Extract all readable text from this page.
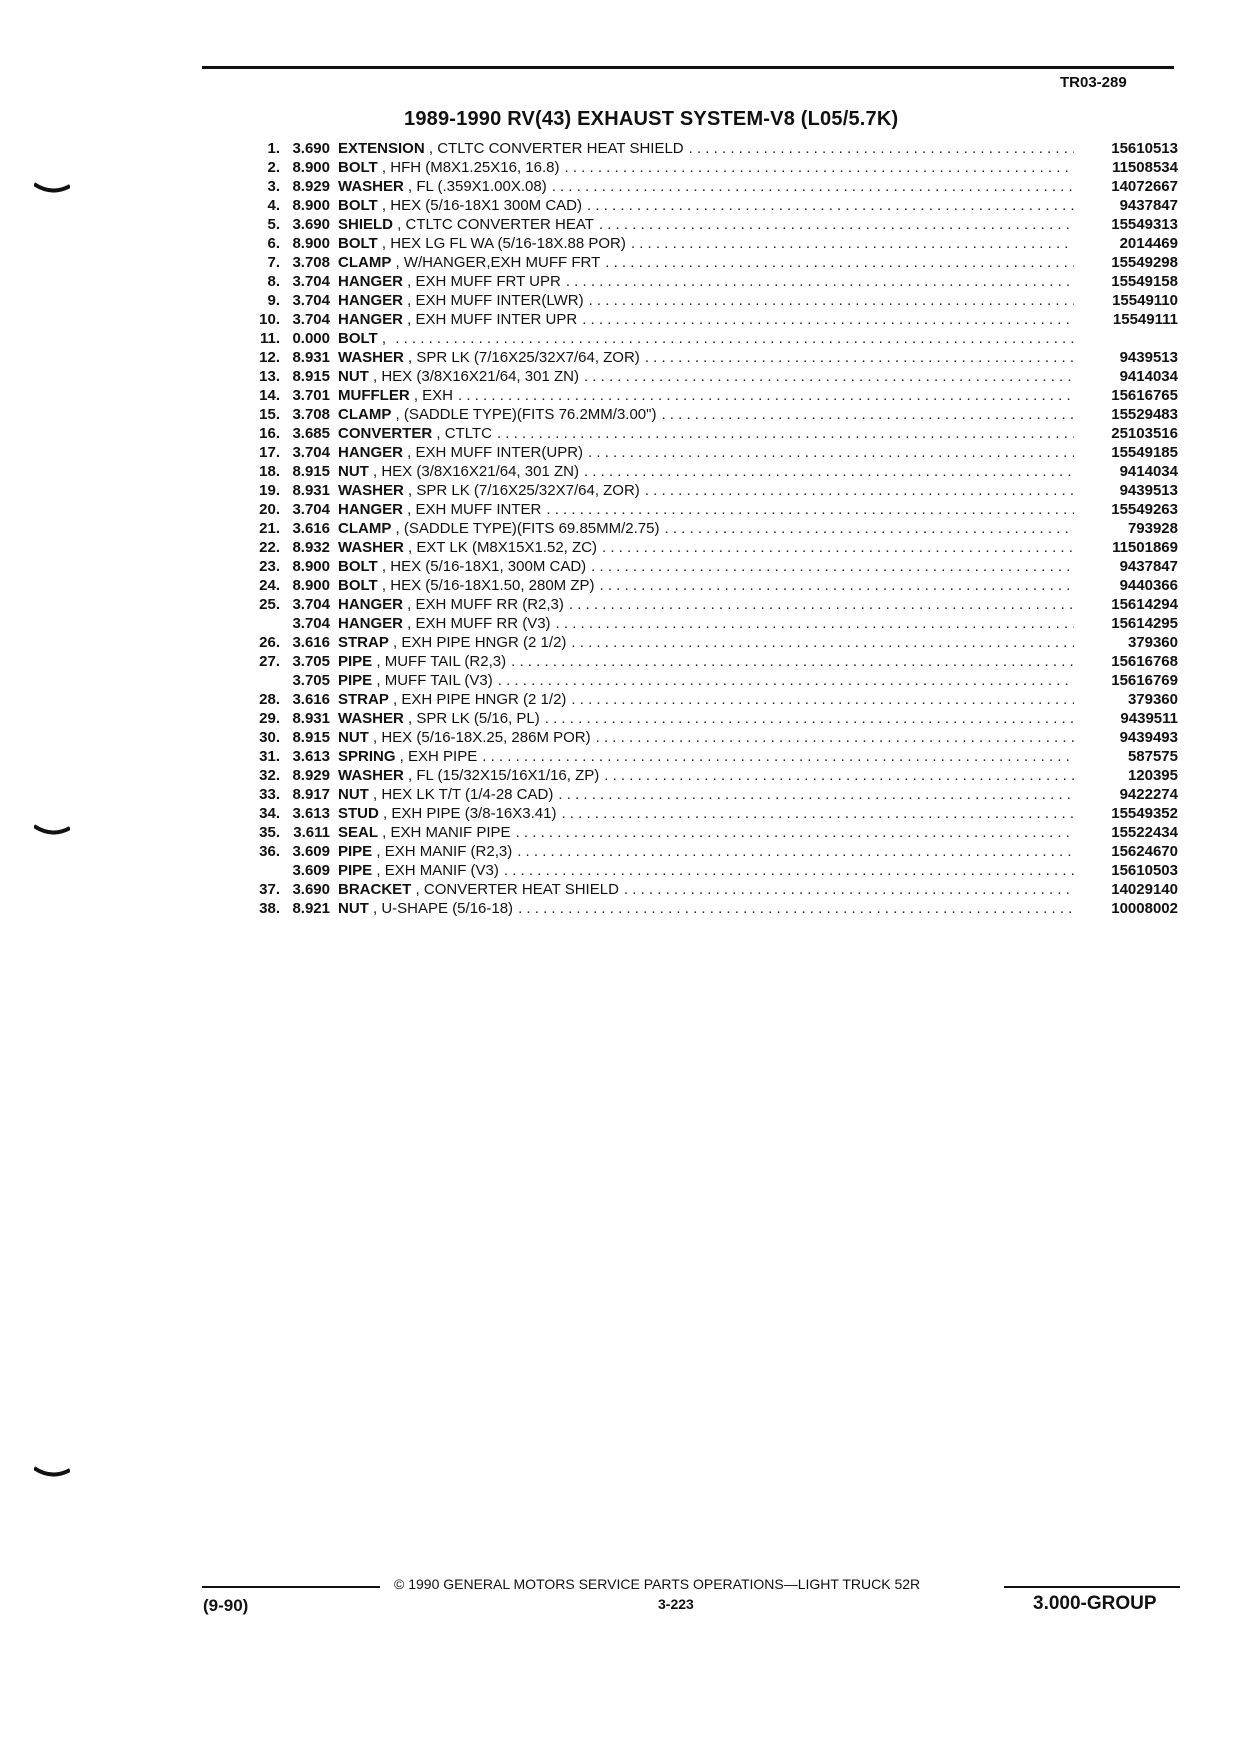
TR03-289
1989-1990 RV(43) EXHAUST SYSTEM-V8 (L05/5.7K)
1. 3.690 EXTENSION , CTLTC CONVERTER HEAT SHIELD . . .	15610513
2. 8.900 BOLT , HFH (M8X1.25X16, 16.8) . . .	11508534
3. 8.929 WASHER , FL (.359X1.00X.08) . . .	14072667
4. 8.900 BOLT , HEX (5/16-18X1 300M CAD) . . .	9437847
5. 3.690 SHIELD , CTLTC CONVERTER HEAT . . .	15549313
6. 8.900 BOLT , HEX LG FL WA (5/16-18X.88 POR) . . .	2014469
7. 3.708 CLAMP , W/HANGER,EXH MUFF FRT . . .	15549298
8. 3.704 HANGER , EXH MUFF FRT UPR . . .	15549158
9. 3.704 HANGER , EXH MUFF INTER(LWR) . . .	15549110
10. 3.704 HANGER , EXH MUFF INTER UPR . . .	15549111
11. 0.000 BOLT ,
. . .
12. 8.931 WASHER , SPR LK (7/16X25/32X7/64, ZOR) . . .	9439513
13. 8.915 NUT , HEX (3/8X16X21/64, 301 ZN) . . .	9414034
14. 3.701 MUFFLER , EXH . . .	15616765
15. 3.708 CLAMP , (SADDLE TYPE)(FITS 76.2MM/3.00") . . .	15529483
16. 3.685 CONVERTER , CTLTC . . .	25103516
17. 3.704 HANGER , EXH MUFF INTER(UPR) . . .	15549185
18. 8.915 NUT , HEX (3/8X16X21/64, 301 ZN) . . .	9414034
19. 8.931 WASHER , SPR LK (7/16X25/32X7/64, ZOR) . . .	9439513
20. 3.704 HANGER , EXH MUFF INTER . . .	15549263
21. 3.616 CLAMP , (SADDLE TYPE)(FITS 69.85MM/2.75) . . .	793928
22. 8.932 WASHER , EXT LK (M8X15X1.52, ZC) . . .	11501869
23. 8.900 BOLT , HEX (5/16-18X1, 300M CAD) . . .	9437847
24. 8.900 BOLT , HEX (5/16-18X1.50, 280M ZP) . . .	9440366
25. 3.704 HANGER , EXH MUFF RR (R2,3) . . .	15614294
3.704 HANGER , EXH MUFF RR (V3) . . .	15614295
26. 3.616 STRAP , EXH PIPE HNGR (2 1/2) . . .	379360
27. 3.705 PIPE , MUFF TAIL (R2,3) . . .	15616768
3.705 PIPE , MUFF TAIL (V3) . . .	15616769
28. 3.616 STRAP , EXH PIPE HNGR (2 1/2) . . .	379360
29. 8.931 WASHER , SPR LK (5/16, PL) . . .	9439511
30. 8.915 NUT , HEX (5/16-18X.25, 286M POR) . . .	9439493
31. 3.613 SPRING , EXH PIPE . . .	587575
32. 8.929 WASHER , FL (15/32X15/16X1/16, ZP) . . .	120395
33. 8.917 NUT , HEX LK T/T (1/4-28 CAD) . . .	9422274
34. 3.613 STUD , EXH PIPE (3/8-16X3.41) . . .	15549352
35. 3.611 SEAL , EXH MANIF PIPE . . .	15522434
36. 3.609 PIPE , EXH MANIF (R2,3) . . .	15624670
3.609 PIPE , EXH MANIF (V3) . . .	15610503
37. 3.690 BRACKET , CONVERTER HEAT SHIELD . . .	14029140
38. 8.921 NUT , U-SHAPE (5/16-18) . . .	10008002
© 1990 GENERAL MOTORS SERVICE PARTS OPERATIONS—LIGHT TRUCK 52R
(9-90)	3-223	3.000-GROUP
